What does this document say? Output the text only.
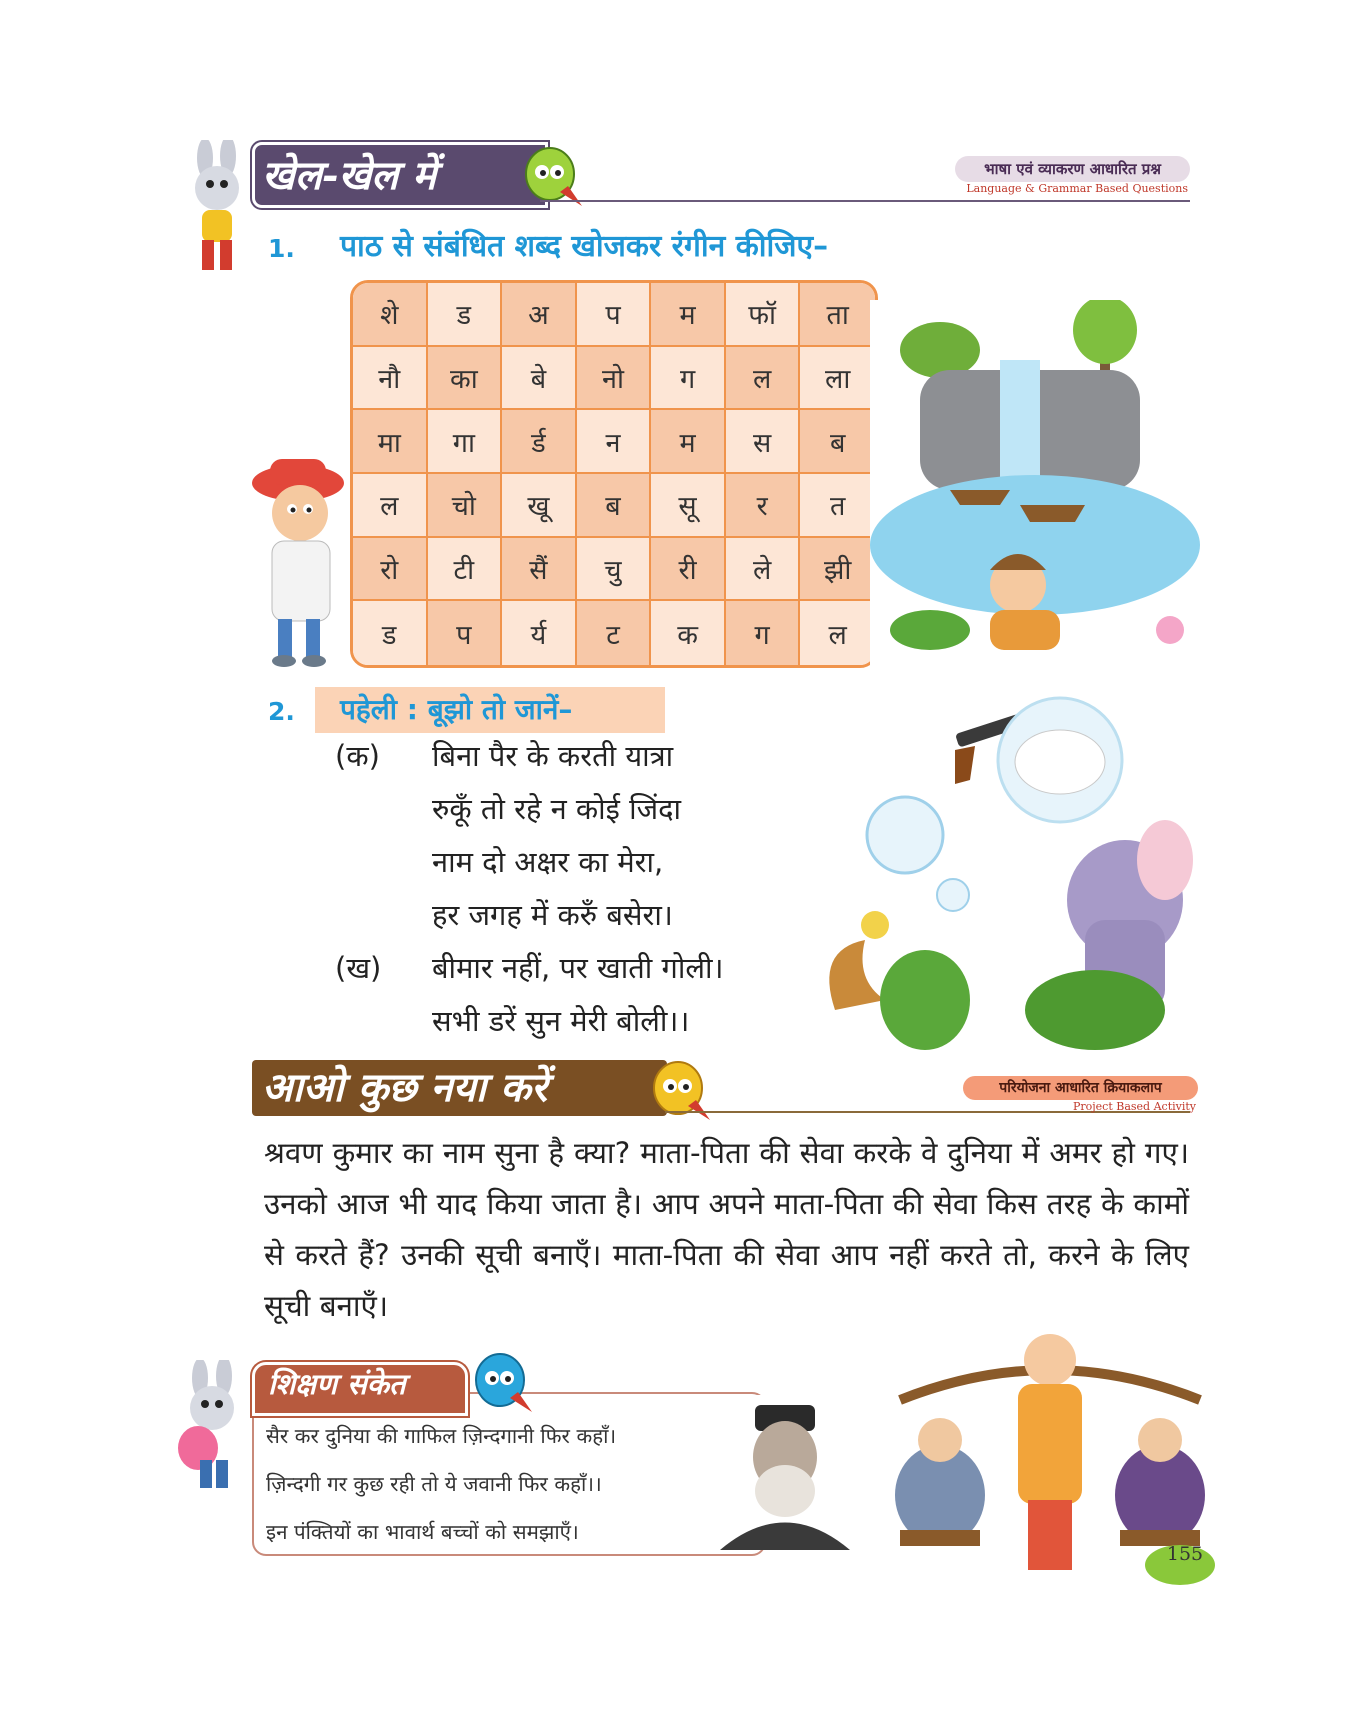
खेल-खेल में	भाषा एवं व्याकरण आधारित प्रश्न
Language & Grammar Based Questions
1. पाठ से संबंधित शब्द खोजकर रंगीन कीजिए–
शे	ड	अ	प	म	फॉ	ता
नौ	का	बे	नो	ग	ल	ला
मा	गा	र्ड	न	म	स	ब
ल	चो	खू	ब	सू	र	त
रो	टी	सैं	चु	री	ले	झी
ड	प	र्य	ट	क	ग	ल
2. पहेली : बूझो तो जानें–
(क) बिना पैर के करती यात्रा
रुकूँ तो रहे न कोई जिंदा
नाम दो अक्षर का मेरा,
हर जगह में करुँ बसेरा।
(ख) बीमार नहीं, पर खाती गोली।
सभी डरें सुन मेरी बोली।।
आओ कुछ नया करें	परियोजना आधारित क्रियाकलाप
Project Based Activity
श्रवण कुमार का नाम सुना है क्या? माता-पिता की सेवा करके वे दुनिया में अमर हो गए। उनको आज भी याद किया जाता है। आप अपने माता-पिता की सेवा किस तरह के कामों से करते हैं? उनकी सूची बनाएँ। माता-पिता की सेवा आप नहीं करते तो, करने के लिए सूची बनाएँ।
शिक्षण संकेत
सैर कर दुनिया की गाफिल ज़िन्दगानी फिर कहाँ।
ज़िन्दगी गर कुछ रही तो ये जवानी फिर कहाँ।।
इन पंक्तियों का भावार्थ बच्चों को समझाएँ।
155
